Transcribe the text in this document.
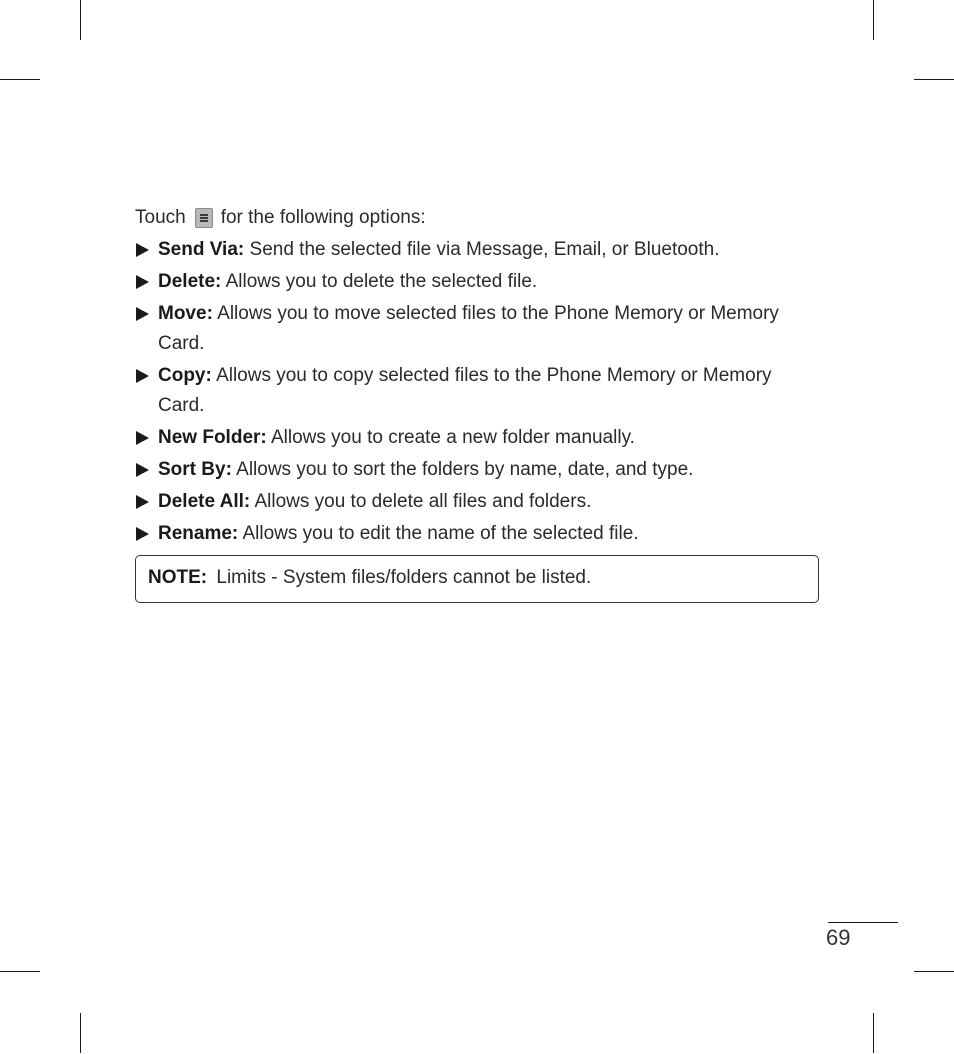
Touch for the following options:
Send Via: Send the selected file via Message, Email, or Bluetooth.
Delete: Allows you to delete the selected file.
Move: Allows you to move selected files to the Phone Memory or Memory Card.
Copy: Allows you to copy selected files to the Phone Memory or Memory Card.
New Folder: Allows you to create a new folder manually.
Sort By: Allows you to sort the folders by name, date, and type.
Delete All: Allows you to delete all files and folders.
Rename: Allows you to edit the name of the selected file.
NOTE: Limits - System files/folders cannot be listed.
69
